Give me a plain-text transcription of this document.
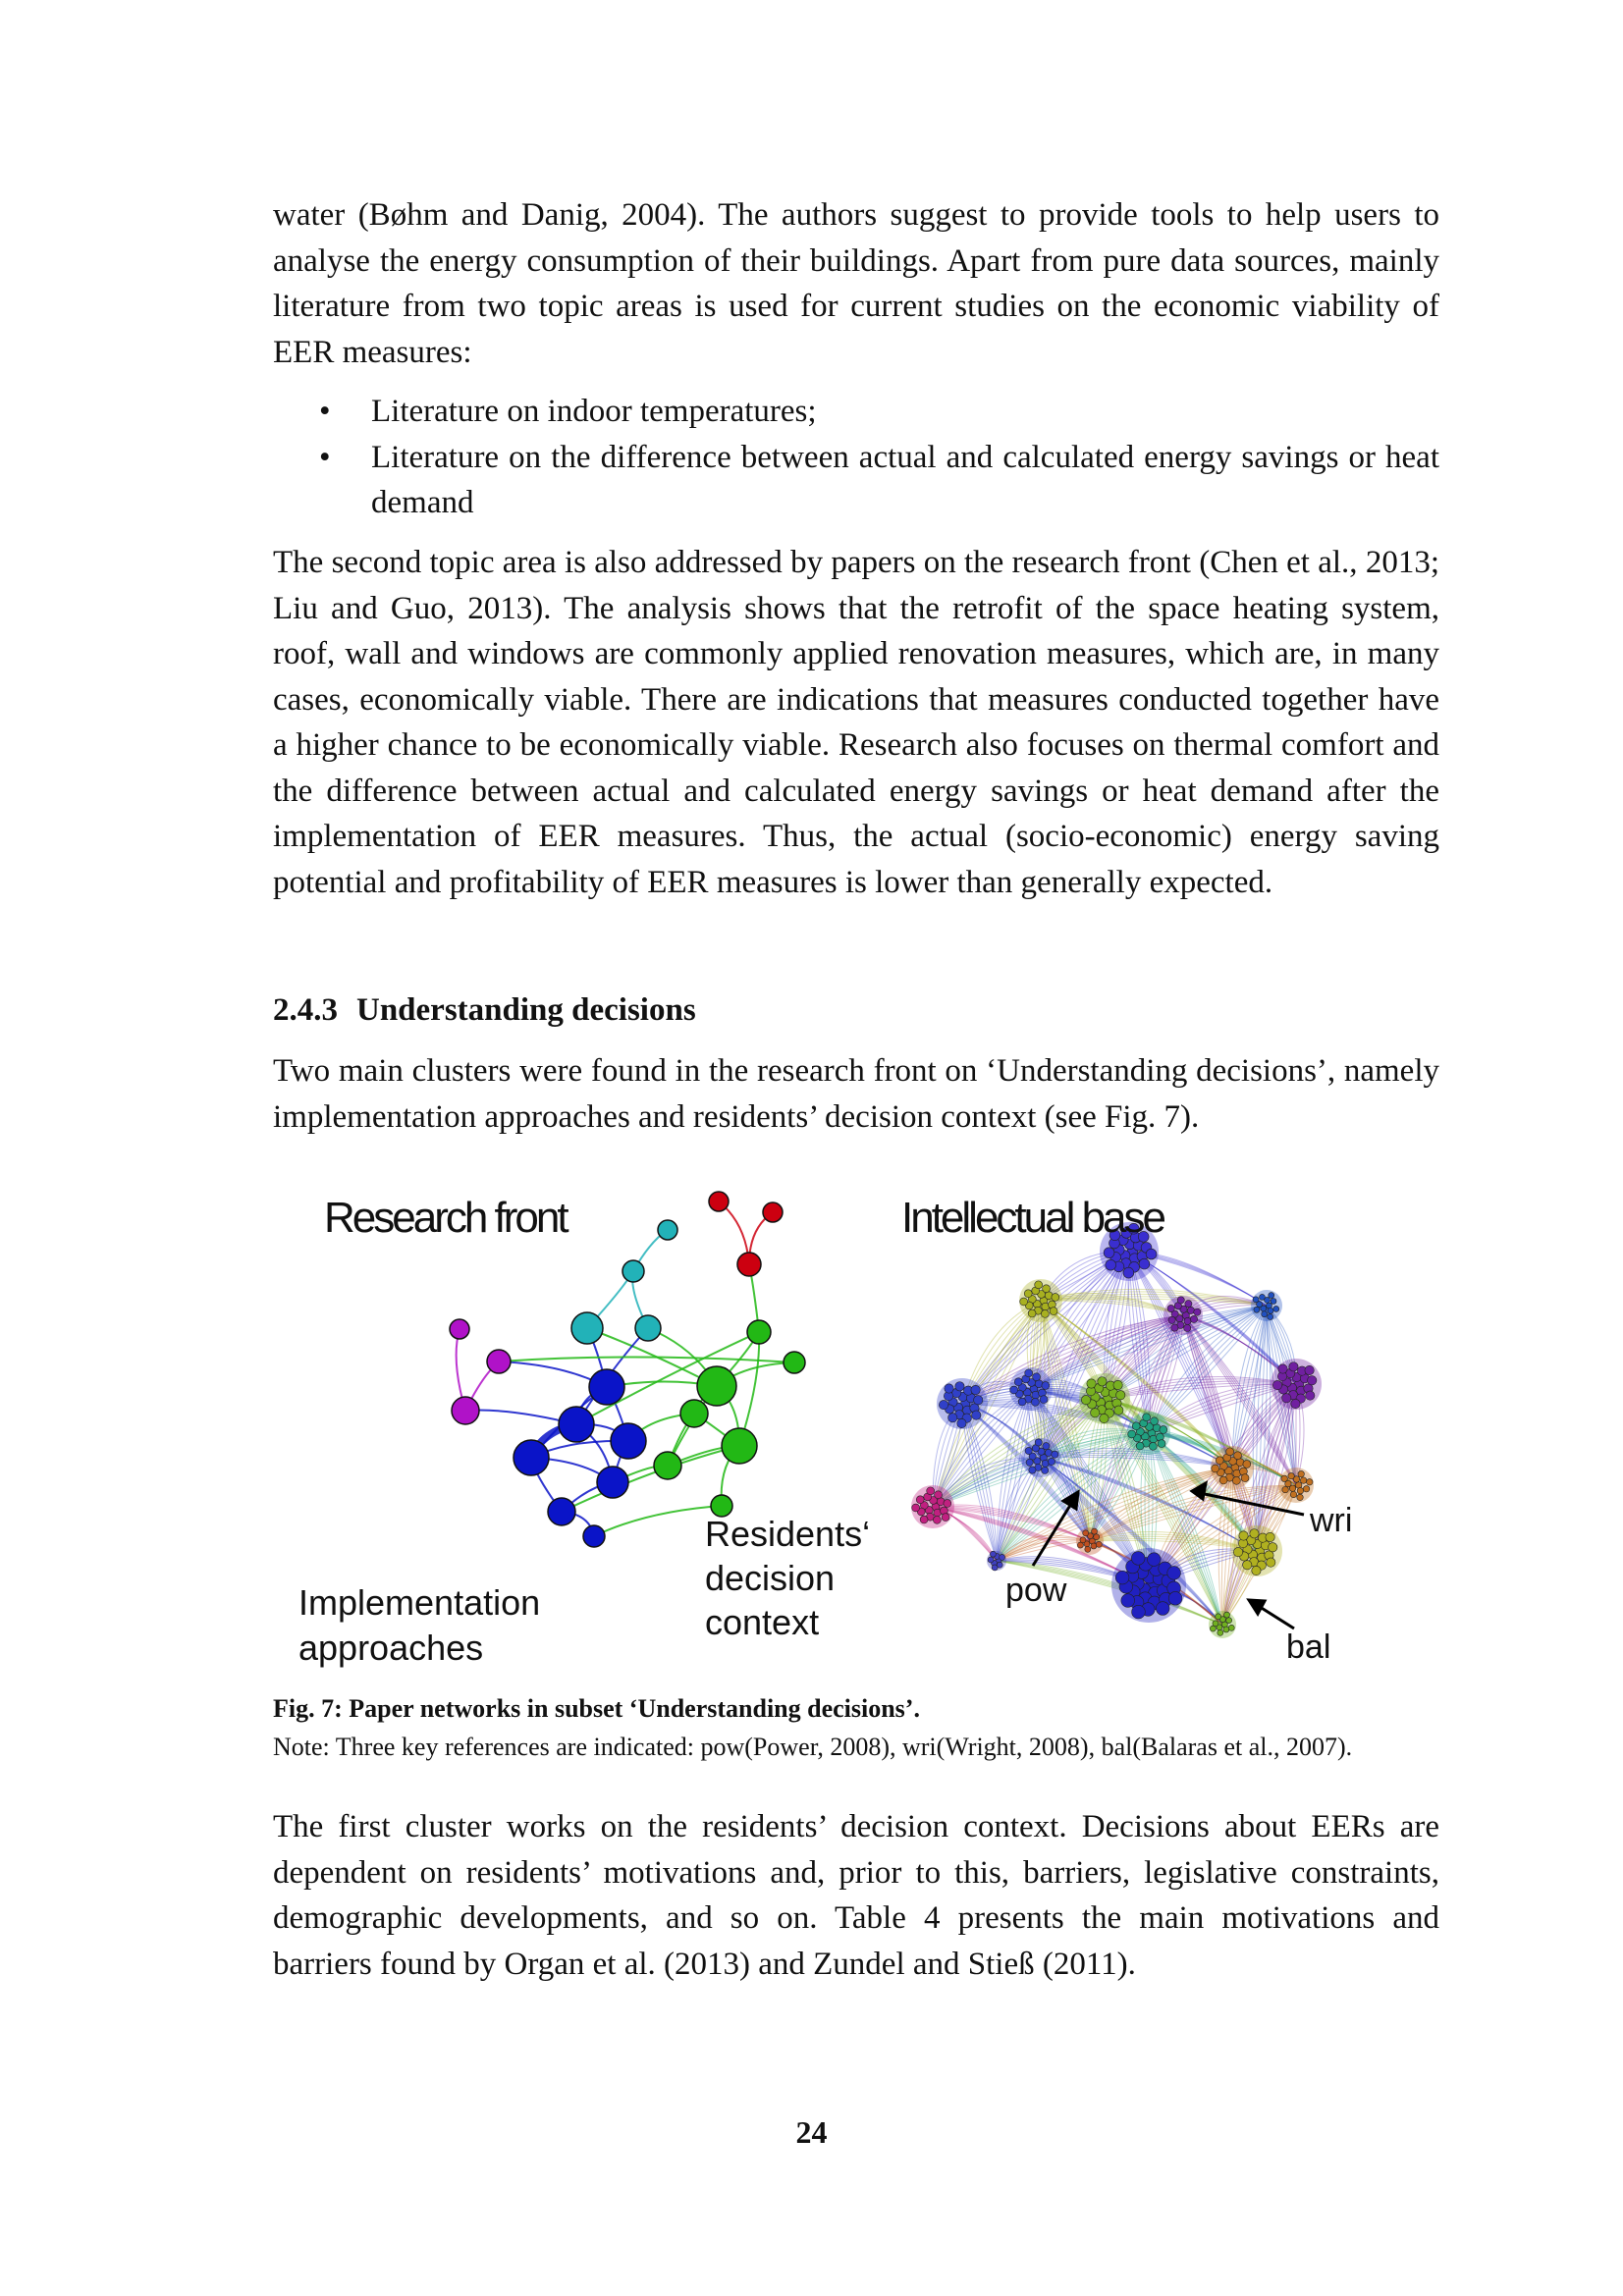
water (Bøhm and Danig, 2004). The authors suggest to provide tools to help users to analyse the energy consumption of their buildings. Apart from pure data sources, mainly literature from two topic areas is used for current studies on the economic viability of EER measures:
• Literature on indoor temperatures;
• Literature on the difference between actual and calculated energy savings or heat demand
The second topic area is also addressed by papers on the research front (Chen et al., 2013; Liu and Guo, 2013). The analysis shows that the retrofit of the space heating system, roof, wall and windows are commonly applied renovation measures, which are, in many cases, economically viable. There are indications that measures conducted together have a higher chance to be economically viable. Research also focuses on thermal comfort and the difference between actual and calculated energy savings or heat demand after the implementation of EER measures. Thus, the actual (socio-economic) energy saving potential and profitability of EER measures is lower than generally expected.
2.4.3 Understanding decisions
Two main clusters were found in the research front on ‘Understanding decisions’, namely implementation approaches and residents’ decision context (see Fig. 7).
Research front	Intellectual base
Residents‘
decision
context
Implementation
approaches
pow
wri
bal
Fig. 7: Paper networks in subset ‘Understanding decisions’.
Note: Three key references are indicated: pow(Power, 2008), wri(Wright, 2008), bal(Balaras et al., 2007).
The first cluster works on the residents’ decision context. Decisions about EERs are dependent on residents’ motivations and, prior to this, barriers, legislative constraints, demographic developments, and so on. Table 4 presents the main motivations and barriers found by Organ et al. (2013) and Zundel and Stieß (2011).
24
